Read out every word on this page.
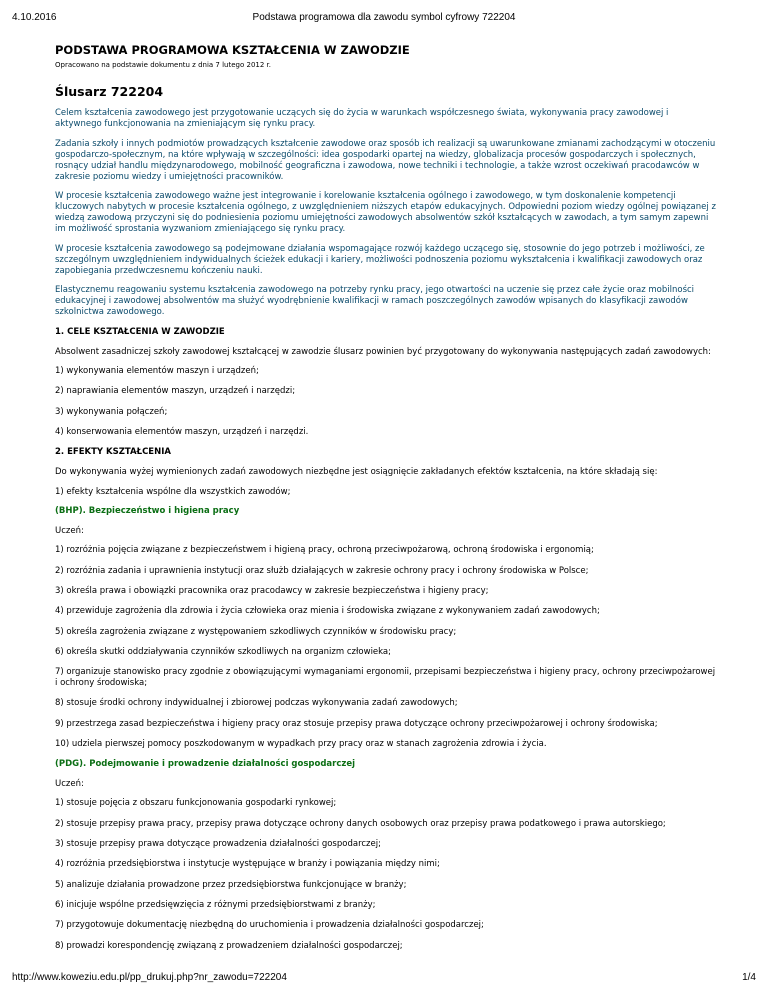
4.10.2016	Podstawa programowa dla zawodu symbol cyfrowy 722204
PODSTAWA PROGRAMOWA KSZTAŁCENIA W ZAWODZIE
Opracowano na podstawie dokumentu z dnia 7 lutego 2012 r.
Ślusarz 722204

Celem kształcenia zawodowego jest przygotowanie uczących się do życia w warunkach współczesnego świata, wykonywania pracy zawodowej i aktywnego funkcjonowania na zmieniającym się rynku pracy.

Zadania szkoły i innych podmiotów prowadzących kształcenie zawodowe oraz sposób ich realizacji są uwarunkowane zmianami zachodzącymi w otoczeniu gospodarczo-społecznym, na które wpływają w szczególności: idea gospodarki opartej na wiedzy, globalizacja procesów gospodarczych i społecznych, rosnący udział handlu międzynarodowego, mobilność geograficzna i zawodowa, nowe techniki i technologie, a także wzrost oczekiwań pracodawców w zakresie poziomu wiedzy i umiejętności pracowników.

W procesie kształcenia zawodowego ważne jest integrowanie i korelowanie kształcenia ogólnego i zawodowego, w tym doskonalenie kompetencji kluczowych nabytych w procesie kształcenia ogólnego, z uwzględnieniem niższych etapów edukacyjnych. Odpowiedni poziom wiedzy ogólnej powiązanej z wiedzą zawodową przyczyni się do podniesienia poziomu umiejętności zawodowych absolwentów szkół kształcących w zawodach, a tym samym zapewni im możliwość sprostania wyzwaniom zmieniającego się rynku pracy.

W procesie kształcenia zawodowego są podejmowane działania wspomagające rozwój każdego uczącego się, stosownie do jego potrzeb i możliwości, ze szczególnym uwzględnieniem indywidualnych ścieżek edukacji i kariery, możliwości podnoszenia poziomu wykształcenia i kwalifikacji zawodowych oraz zapobiegania przedwczesnemu kończeniu nauki.

Elastycznemu reagowaniu systemu kształcenia zawodowego na potrzeby rynku pracy, jego otwartości na uczenie się przez całe życie oraz mobilności edukacyjnej i zawodowej absolwentów ma służyć wyodrębnienie kwalifikacji w ramach poszczególnych zawodów wpisanych do klasyfikacji zawodów szkolnictwa zawodowego.

1. CELE KSZTAŁCENIA W ZAWODZIE

Absolwent zasadniczej szkoły zawodowej kształcącej w zawodzie ślusarz powinien być przygotowany do wykonywania następujących zadań zawodowych:

1) wykonywania elementów maszyn i urządzeń;

2) naprawiania elementów maszyn, urządzeń i narzędzi;

3) wykonywania połączeń;

4) konserwowania elementów maszyn, urządzeń i narzędzi.

2. EFEKTY KSZTAŁCENIA

Do wykonywania wyżej wymienionych zadań zawodowych niezbędne jest osiągnięcie zakładanych efektów kształcenia, na które składają się:

1) efekty kształcenia wspólne dla wszystkich zawodów;

(BHP). Bezpieczeństwo i higiena pracy

Uczeń:

1) rozróżnia pojęcia związane z bezpieczeństwem i higieną pracy, ochroną przeciwpożarową, ochroną środowiska i ergonomią;

2) rozróżnia zadania i uprawnienia instytucji oraz służb działających w zakresie ochrony pracy i ochrony środowiska w Polsce;

3) określa prawa i obowiązki pracownika oraz pracodawcy w zakresie bezpieczeństwa i higieny pracy;

4) przewiduje zagrożenia dla zdrowia i życia człowieka oraz mienia i środowiska związane z wykonywaniem zadań zawodowych;

5) określa zagrożenia związane z występowaniem szkodliwych czynników w środowisku pracy;

6) określa skutki oddziaływania czynników szkodliwych na organizm człowieka;

7) organizuje stanowisko pracy zgodnie z obowiązującymi wymaganiami ergonomii, przepisami bezpieczeństwa i higieny pracy, ochrony przeciwpożarowej i ochrony środowiska;

8) stosuje środki ochrony indywidualnej i zbiorowej podczas wykonywania zadań zawodowych;

9) przestrzega zasad bezpieczeństwa i higieny pracy oraz stosuje przepisy prawa dotyczące ochrony przeciwpożarowej i ochrony środowiska;

10) udziela pierwszej pomocy poszkodowanym w wypadkach przy pracy oraz w stanach zagrożenia zdrowia i życia.

(PDG). Podejmowanie i prowadzenie działalności gospodarczej

Uczeń:

1) stosuje pojęcia z obszaru funkcjonowania gospodarki rynkowej;

2) stosuje przepisy prawa pracy, przepisy prawa dotyczące ochrony danych osobowych oraz przepisy prawa podatkowego i prawa autorskiego;

3) stosuje przepisy prawa dotyczące prowadzenia działalności gospodarczej;

4) rozróżnia przedsiębiorstwa i instytucje występujące w branży i powiązania między nimi;

5) analizuje działania prowadzone przez przedsiębiorstwa funkcjonujące w branży;

6) inicjuje wspólne przedsięwzięcia z różnymi przedsiębiorstwami z branży;

7) przygotowuje dokumentację niezbędną do uruchomienia i prowadzenia działalności gospodarczej;

8) prowadzi korespondencję związaną z prowadzeniem działalności gospodarczej;

http://www.koweziu.edu.pl/pp_drukuj.php?nr_zawodu=722204	1/4
